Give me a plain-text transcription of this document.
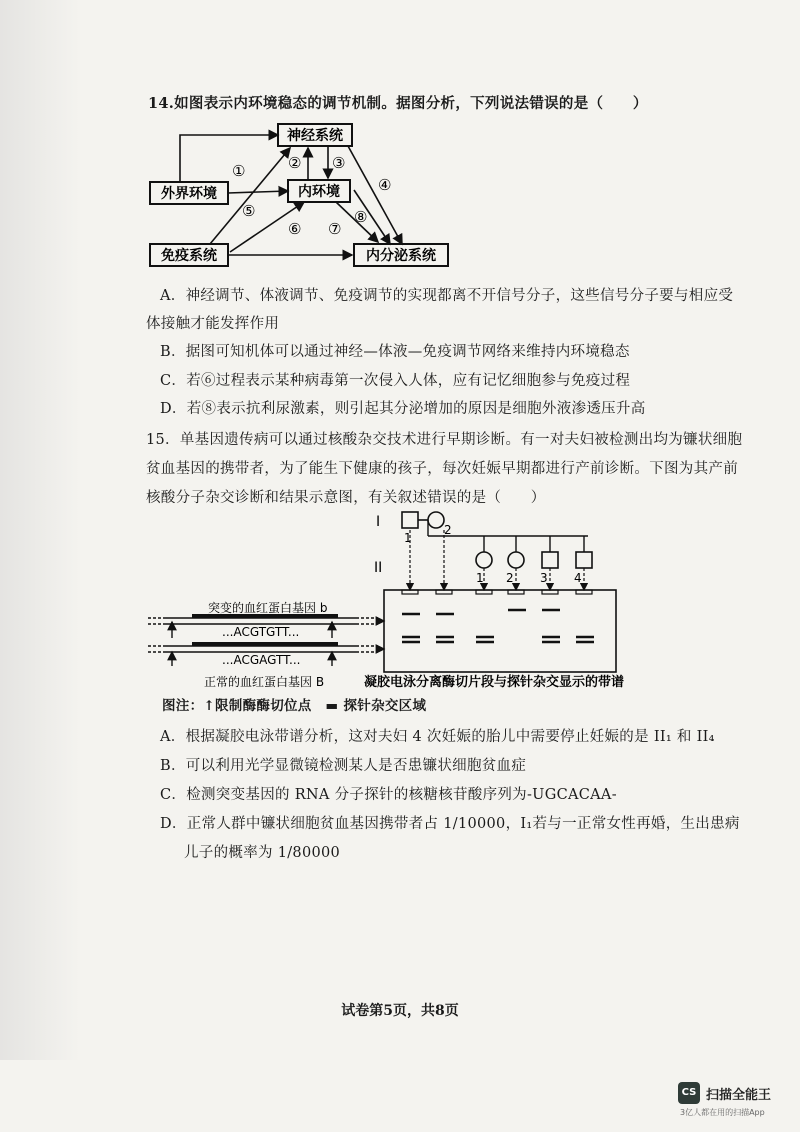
14.如图表示内环境稳态的调节机制。据图分析，下列说法错误的是（　　）
神经系统
外界环境	内环境
免疫系统	内分泌系统
①	② ③
④
⑤
⑥ ⑦
⑧
A．神经调节、体液调节、免疫调节的实现都离不开信号分子，这些信号分子要与相应受
体接触才能发挥作用
B．据图可知机体可以通过神经—体液—免疫调节网络来维持内环境稳态
C．若⑥过程表示某种病毒第一次侵入人体，应有记忆细胞参与免疫过程
D．若⑧表示抗利尿激素，则引起其分泌增加的原因是细胞外液渗透压升高
15．单基因遗传病可以通过核酸杂交技术进行早期诊断。有一对夫妇被检测出均为镰状细胞
贫血基因的携带者，为了能生下健康的孩子，每次妊娠早期都进行产前诊断。下图为其产前
核酸分子杂交诊断和结果示意图，有关叙述错误的是（　　）
I
II
1
2
1 2 3 4
突变的血红蛋白基因 b
...ACGTGTT...
...ACGAGTT...
正常的血红蛋白基因 B	凝胶电泳分离酶切片段与探针杂交显示的带谱
图注：↑限制酶酶切位点　▬ 探针杂交区域
A．根据凝胶电泳带谱分析，这对夫妇 4 次妊娠的胎儿中需要停止妊娠的是 II₁ 和 II₄
B．可以利用光学显微镜检测某人是否患镰状细胞贫血症
C．检测突变基因的 RNA 分子探针的核糖核苷酸序列为-UGCACAA-
D．正常人群中镰状细胞贫血基因携带者占 1/10000，I₁若与一正常女性再婚，生出患病
儿子的概率为 1/80000
试卷第5页，共8页
CS 扫描全能王
3亿人都在用的扫描App
